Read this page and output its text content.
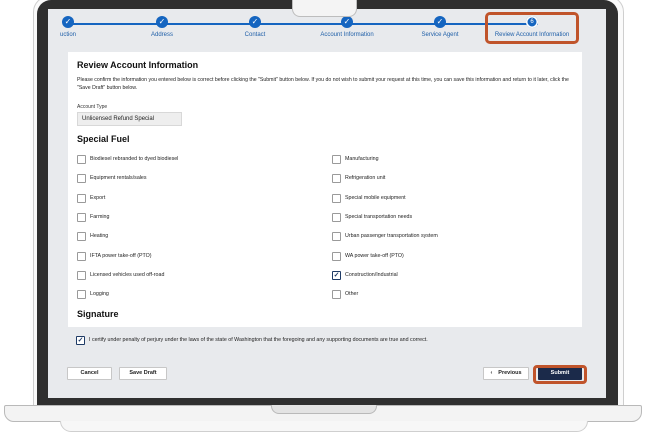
✓
uction
✓
Address
✓
Contact
✓
Account Information
✓
Service Agent
6
Review Account Information
Review Account Information
Please confirm the information you entered below is correct before clicking the "Submit" button below. If you do not wish to submit your request at this time, you can save this information and return to it later, click the "Save Draft" button below.
Account Type
Unlicensed Refund Special
Special Fuel
Biodiesel rebranded to dyed biodiesel
Equipment rentals/sales
Export
Farming
Heating
IFTA power take-off (PTO)
Licensed vehicles used off-road
Logging
Manufacturing
Refrigeration unit
Special mobile equipment
Special transportation needs
Urban passenger transportation system
WA power take-off (PTO)
✓ Construction/Industrial
Other
Signature
✓ I certify under penalty of perjury under the laws of the state of Washington that the foregoing and any supporting documents are true and correct.
Cancel	Save Draft	‹ Previous	Submit
